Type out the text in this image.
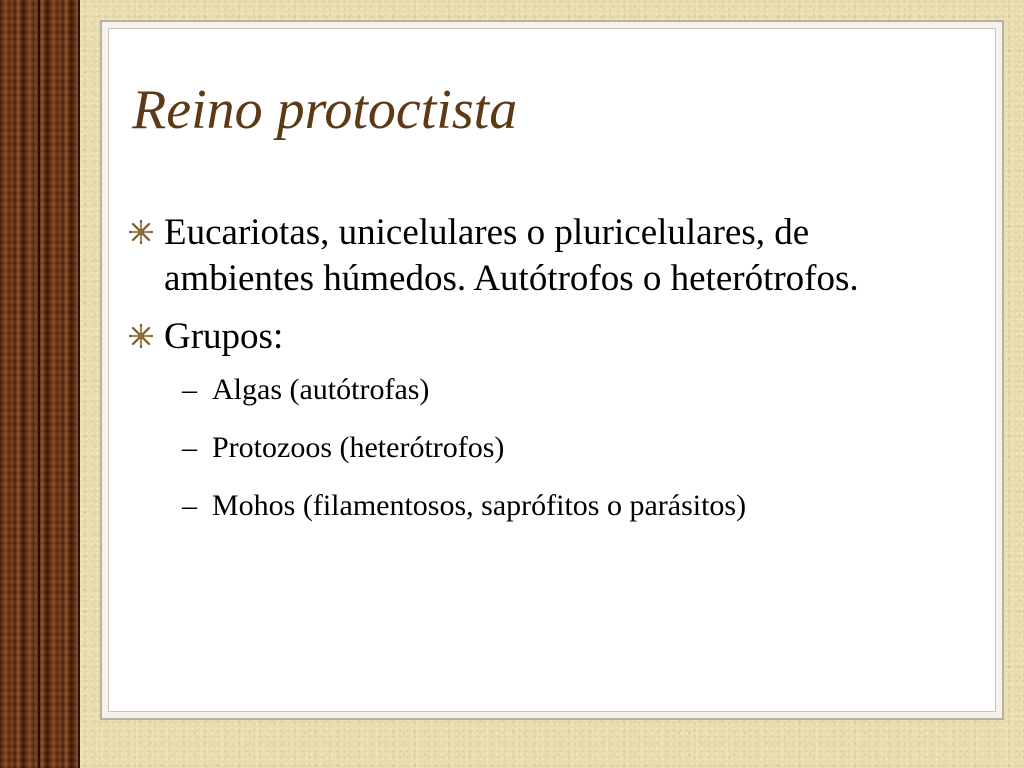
Reino protoctista
Eucariotas, unicelulares o pluricelulares, de ambientes húmedos. Autótrofos o heterótrofos.
Grupos:
– Algas (autótrofas)
– Protozoos (heterótrofos)
– Mohos (filamentosos, saprófitos o parásitos)
